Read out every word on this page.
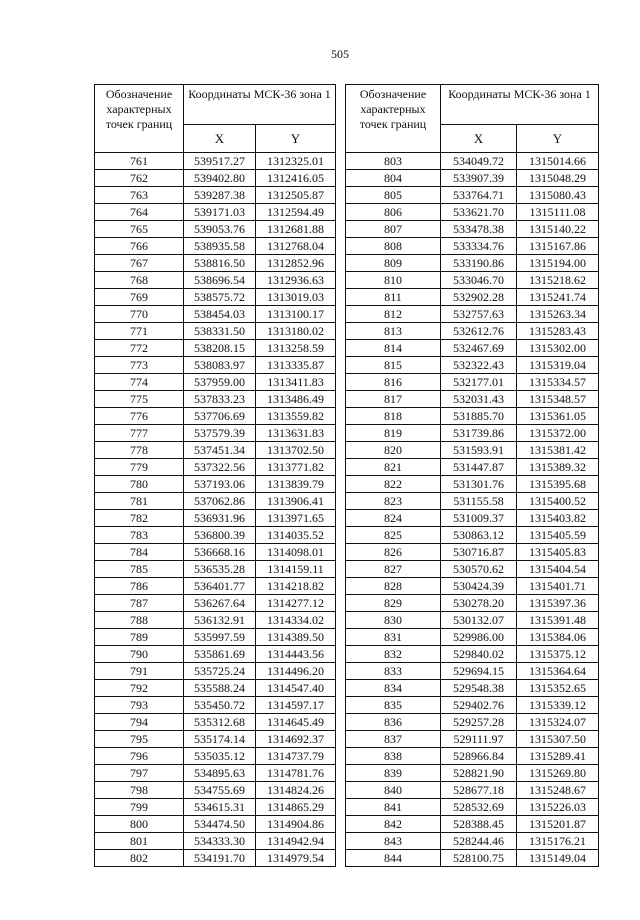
505
Обозначение характерных точек границ	Координаты МСК-36 зона 1	
	X	Y
761	539517.27	1312325.01
762	539402.80	1312416.05
763	539287.38	1312505.87
764	539171.03	1312594.49
765	539053.76	1312681.88
766	538935.58	1312768.04
767	538816.50	1312852.96
768	538696.54	1312936.63
769	538575.72	1313019.03
770	538454.03	1313100.17
771	538331.50	1313180.02
772	538208.15	1313258.59
773	538083.97	1313335.87
774	537959.00	1313411.83
775	537833.23	1313486.49
776	537706.69	1313559.82
777	537579.39	1313631.83
778	537451.34	1313702.50
779	537322.56	1313771.82
780	537193.06	1313839.79
781	537062.86	1313906.41
782	536931.96	1313971.65
783	536800.39	1314035.52
784	536668.16	1314098.01
785	536535.28	1314159.11
786	536401.77	1314218.82
787	536267.64	1314277.12
788	536132.91	1314334.02
789	535997.59	1314389.50
790	535861.69	1314443.56
791	535725.24	1314496.20
792	535588.24	1314547.40
793	535450.72	1314597.17
794	535312.68	1314645.49
795	535174.14	1314692.37
796	535035.12	1314737.79
797	534895.63	1314781.76
798	534755.69	1314824.26
799	534615.31	1314865.29
800	534474.50	1314904.86
801	534333.30	1314942.94
802	534191.70	1314979.54
Обозначение характерных точек границ	Координаты МСК-36 зона 1	
	X	Y
803	534049.72	1315014.66
804	533907.39	1315048.29
805	533764.71	1315080.43
806	533621.70	1315111.08
807	533478.38	1315140.22
808	533334.76	1315167.86
809	533190.86	1315194.00
810	533046.70	1315218.62
811	532902.28	1315241.74
812	532757.63	1315263.34
813	532612.76	1315283.43
814	532467.69	1315302.00
815	532322.43	1315319.04
816	532177.01	1315334.57
817	532031.43	1315348.57
818	531885.70	1315361.05
819	531739.86	1315372.00
820	531593.91	1315381.42
821	531447.87	1315389.32
822	531301.76	1315395.68
823	531155.58	1315400.52
824	531009.37	1315403.82
825	530863.12	1315405.59
826	530716.87	1315405.83
827	530570.62	1315404.54
828	530424.39	1315401.71
829	530278.20	1315397.36
830	530132.07	1315391.48
831	529986.00	1315384.06
832	529840.02	1315375.12
833	529694.15	1315364.64
834	529548.38	1315352.65
835	529402.76	1315339.12
836	529257.28	1315324.07
837	529111.97	1315307.50
838	528966.84	1315289.41
839	528821.90	1315269.80
840	528677.18	1315248.67
841	528532.69	1315226.03
842	528388.45	1315201.87
843	528244.46	1315176.21
844	528100.75	1315149.04
